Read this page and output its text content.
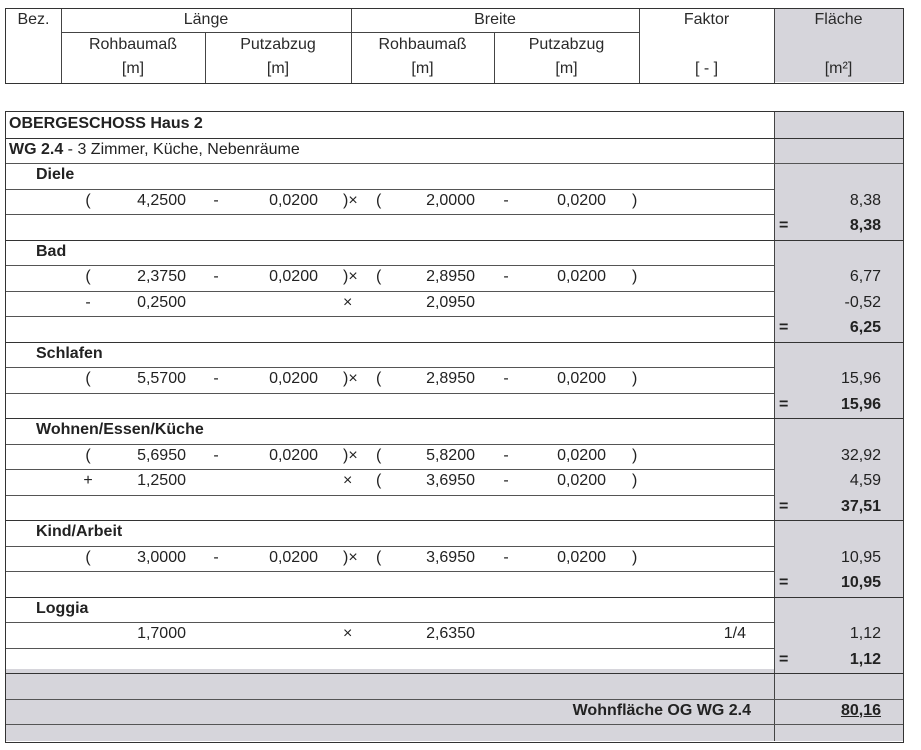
Bez.	Länge	Breite	Faktor	Fläche
Rohbaumaß	Putzabzug	Rohbaumaß	Putzabzug
[m]	[m]	[m]	[m]	[ - ]	[m²]
OBERGESCHOSS Haus 2
WG 2.4 - 3 Zimmer, Küche, Nebenräume
Diele
(	4,2500	-	0,0200 )×	(	2,0000	-	0,0200 )	8,38
=	8,38
Bad
(	2,3750	-	0,0200 )×	(	2,8950	-	0,0200 )	6,77
-	0,2500	×	2,0950	-0,52
=	6,25
Schlafen
(	5,5700	-	0,0200 )×	(	2,8950	-	0,0200 )	15,96
=	15,96
Wohnen/Essen/Küche
(	5,6950	-	0,0200 )×	(	5,8200	-	0,0200 )	32,92
+	1,2500	×	(	3,6950	-	0,0200 )	4,59
=	37,51
Kind/Arbeit
(	3,0000	-	0,0200 )×	(	3,6950	-	0,0200 )	10,95
=	10,95
Loggia
1,7000	×	2,6350	1/4	1,12
=	1,12
Wohnfläche OG WG 2.4	80,16
